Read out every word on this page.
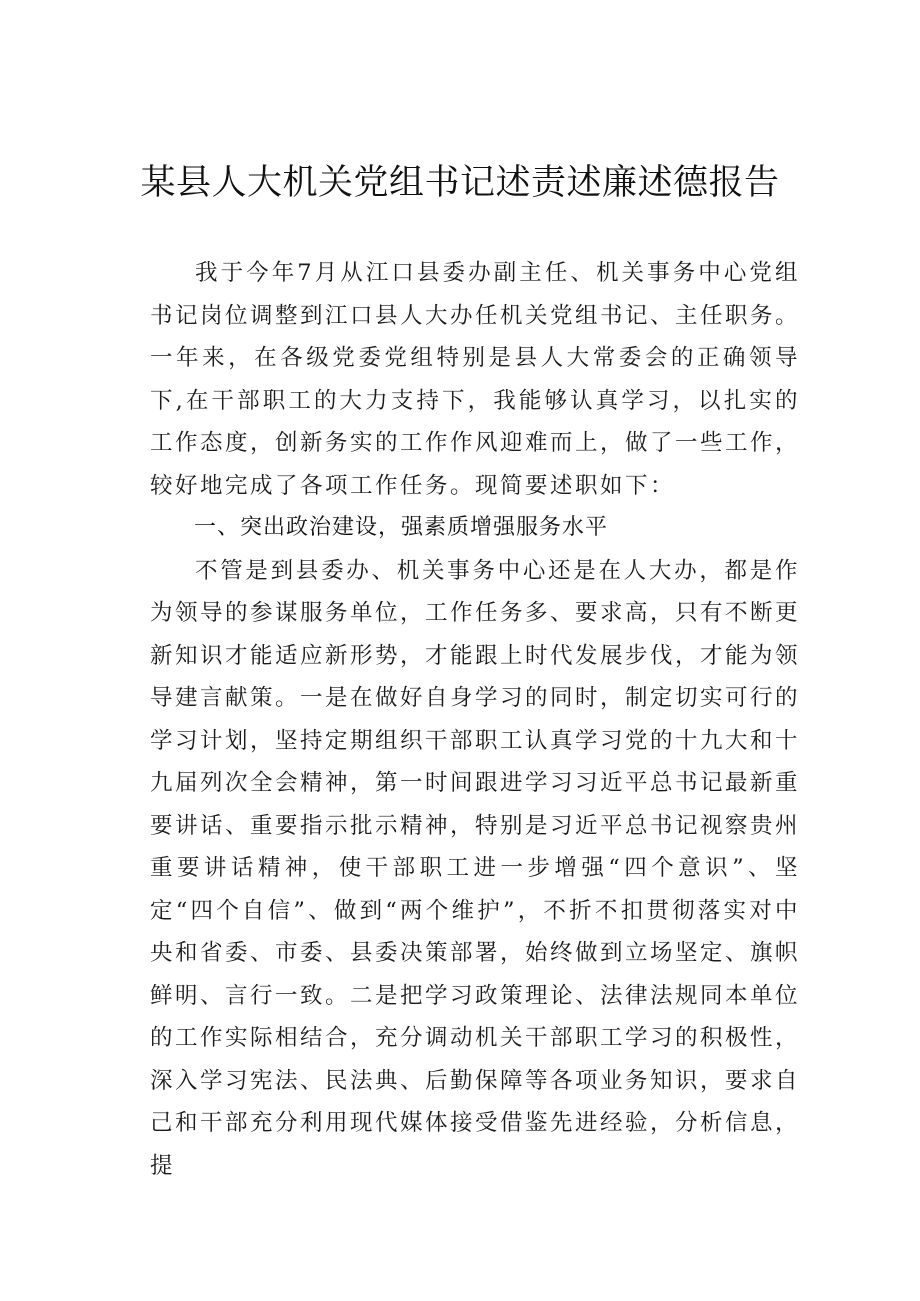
某县人大机关党组书记述责述廉述德报告

我于今年7月从江口县委办副主任、机关事务中心党组书记岗位调整到江口县人大办任机关党组书记、主任职务。一年来，在各级党委党组特别是县人大常委会的正确领导下,在干部职工的大力支持下，我能够认真学习，以扎实的工作态度，创新务实的工作作风迎难而上，做了一些工作，较好地完成了各项工作任务。现简要述职如下：

一、突出政治建设，强素质增强服务水平

不管是到县委办、机关事务中心还是在人大办，都是作为领导的参谋服务单位，工作任务多、要求高，只有不断更新知识才能适应新形势，才能跟上时代发展步伐，才能为领导建言献策。一是在做好自身学习的同时，制定切实可行的学习计划，坚持定期组织干部职工认真学习党的十九大和十九届列次全会精神，第一时间跟进学习习近平总书记最新重要讲话、重要指示批示精神，特别是习近平总书记视察贵州重要讲话精神，使干部职工进一步增强“四个意识”、坚定“四个自信”、做到“两个维护”，不折不扣贯彻落实对中央和省委、市委、县委决策部署，始终做到立场坚定、旗帜鲜明、言行一致。二是把学习政策理论、法律法规同本单位的工作实际相结合，充分调动机关干部职工学习的积极性，深入学习宪法、民法典、后勤保障等各项业务知识，要求自己和干部充分利用现代媒体接受借鉴先进经验，分析信息，提
